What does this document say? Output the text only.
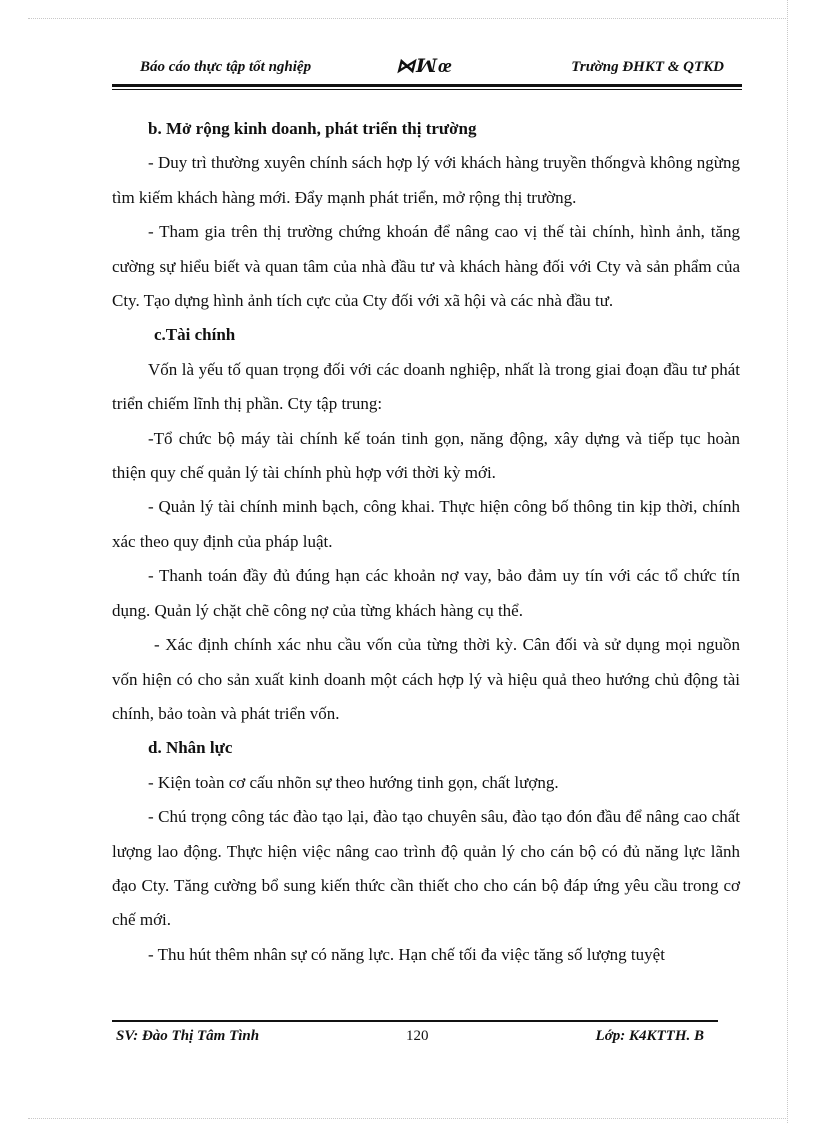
Báo cáo thực tập tốt nghiệp	⋈ꟽœ	Trường ĐHKT & QTKD

b. Mở rộng kinh doanh, phát triển thị trường

- Duy trì thường xuyên chính sách hợp lý với khách hàng truyền thốngvà không ngừng tìm kiếm khách hàng mới. Đẩy mạnh phát triển, mở rộng thị trường.

- Tham gia trên thị trường chứng khoán để nâng cao vị thế tài chính, hình ảnh, tăng cường sự hiểu biết và quan tâm của nhà đầu tư và khách hàng đối với Cty và sản phẩm của Cty. Tạo dựng hình ảnh tích cực của Cty đối với xã hội và các nhà đầu tư.

c.Tài chính

Vốn là yếu tố quan trọng đối với các doanh nghiệp, nhất là trong giai đoạn đầu tư phát triển chiếm lĩnh thị phần. Cty tập trung:

-Tổ chức bộ máy tài chính kế toán tinh gọn, năng động, xây dựng và tiếp tục hoàn thiện quy chế quản lý tài chính phù hợp với thời kỳ mới.

- Quản lý tài chính minh bạch, công khai. Thực hiện công bố thông tin kịp thời, chính xác theo quy định của pháp luật.

- Thanh toán đầy đủ đúng hạn các khoản nợ vay, bảo đảm uy tín với các tổ chức tín dụng. Quản lý chặt chẽ công nợ của từng khách hàng cụ thể.

- Xác định chính xác nhu cầu vốn của từng thời kỳ. Cân đối và sử dụng mọi nguồn vốn hiện có cho sản xuất kinh doanh một cách hợp lý và hiệu quả theo hướng chủ động tài chính, bảo toàn và phát triển vốn.

d. Nhân lực

- Kiện toàn cơ cấu nhõn sự theo hướng tinh gọn, chất lượng.

- Chú trọng công tác đào tạo lại, đào tạo chuyên sâu, đào tạo đón đầu để nâng cao chất lượng lao động. Thực hiện việc nâng cao trình độ quản lý cho cán bộ có đủ năng lực lãnh đạo Cty. Tăng cường bổ sung kiến thức cần thiết cho cho cán bộ đáp ứng yêu cầu trong cơ chế mới.

- Thu hút thêm nhân sự có năng lực. Hạn chế tối đa việc tăng số lượng tuyệt

SV: Đào Thị Tâm Tình	120	Lớp: K4KTTH. B
